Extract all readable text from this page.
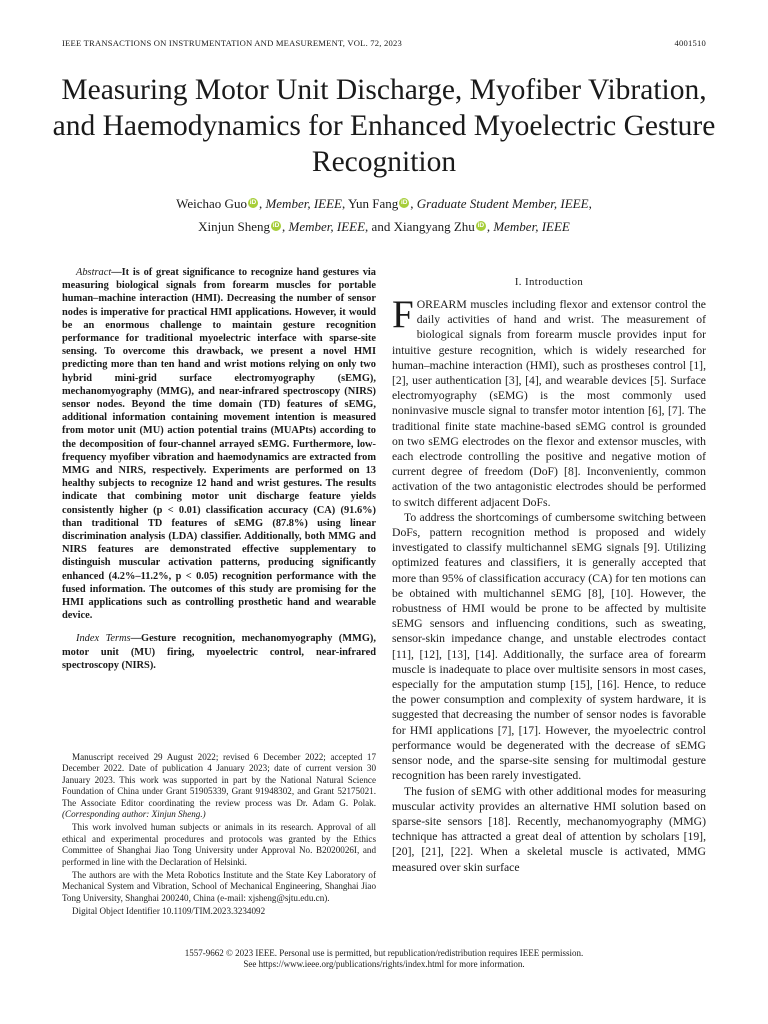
IEEE TRANSACTIONS ON INSTRUMENTATION AND MEASUREMENT, VOL. 72, 2023	4001510
Measuring Motor Unit Discharge, Myofiber Vibration, and Haemodynamics for Enhanced Myoelectric Gesture Recognition
Weichao Guo iD , Member, IEEE, Yun Fang iD , Graduate Student Member, IEEE,
Xinjun Sheng iD , Member, IEEE, and Xiangyang Zhu iD , Member, IEEE

Abstract—It is of great significance to recognize hand gestures via measuring biological signals from forearm muscles for portable human–machine interaction (HMI). Decreasing the number of sensor nodes is imperative for practical HMI applications. However, it would be an enormous challenge to maintain gesture recognition performance for traditional myoelectric interface with sparse-site sensing. To overcome this drawback, we present a novel HMI predicting more than ten hand and wrist motions relying on only two hybrid mini-grid surface electromyography (sEMG), mechanomyography (MMG), and near-infrared spectroscopy (NIRS) sensor nodes. Beyond the time domain (TD) features of sEMG, additional information containing movement intention is measured from motor unit (MU) action potential trains (MUAPts) according to the decomposition of four-channel arrayed sEMG. Furthermore, low-frequency myofiber vibration and haemodynamics are extracted from MMG and NIRS, respectively. Experiments are performed on 13 healthy subjects to recognize 12 hand and wrist gestures. The results indicate that combining motor unit discharge feature yields consistently higher (p < 0.01) classification accuracy (CA) (91.6%) than traditional TD features of sEMG (87.8%) using linear discrimination analysis (LDA) classifier. Additionally, both MMG and NIRS features are demonstrated effective supplementary to distinguish muscular activation patterns, producing significantly enhanced (4.2%–11.2%, p < 0.05) recognition performance with the fused information. The outcomes of this study are promising for the HMI applications such as controlling prosthetic hand and wearable device.

Index Terms—Gesture recognition, mechanomyography (MMG), motor unit (MU) firing, myoelectric control, near-infrared spectroscopy (NIRS).

Manuscript received 29 August 2022; revised 6 December 2022; accepted 17 December 2022. Date of publication 4 January 2023; date of current version 30 January 2023. This work was supported in part by the National Natural Science Foundation of China under Grant 51905339, Grant 91948302, and Grant 52175021. The Associate Editor coordinating the review process was Dr. Adam G. Polak. (Corresponding author: Xinjun Sheng.)

This work involved human subjects or animals in its research. Approval of all ethical and experimental procedures and protocols was granted by the Ethics Committee of Shanghai Jiao Tong University under Approval No. B2020026I, and performed in line with the Declaration of Helsinki.

The authors are with the Meta Robotics Institute and the State Key Laboratory of Mechanical System and Vibration, School of Mechanical Engineering, Shanghai Jiao Tong University, Shanghai 200240, China (e-mail: xjsheng@sjtu.edu.cn).

Digital Object Identifier 10.1109/TIM.2023.3234092

I. Introduction

FOREARM muscles including flexor and extensor control the daily activities of hand and wrist. The measurement of biological signals from forearm muscle provides input for intuitive gesture recognition, which is widely researched for human–machine interaction (HMI), such as prostheses control [1], [2], user authentication [3], [4], and wearable devices [5]. Surface electromyography (sEMG) is the most commonly used noninvasive muscle signal to transfer motor intention [6], [7]. The traditional finite state machine-based sEMG control is grounded on two sEMG electrodes on the flexor and extensor muscles, with each electrode controlling the positive and negative motion of current degree of freedom (DoF) [8]. Inconveniently, common activation of the two antagonistic electrodes should be performed to switch different adjacent DoFs.

To address the shortcomings of cumbersome switching between DoFs, pattern recognition method is proposed and widely investigated to classify multichannel sEMG signals [9]. Utilizing optimized features and classifiers, it is generally accepted that more than 95% of classification accuracy (CA) for ten motions can be obtained with multichannel sEMG [8], [10]. However, the robustness of HMI would be prone to be affected by multisite sEMG sensors and influencing conditions, such as sweating, sensor-skin impedance change, and unstable electrodes contact [11], [12], [13], [14]. Additionally, the surface area of forearm muscle is inadequate to place over multisite sensors in most cases, especially for the amputation stump [15], [16]. Hence, to reduce the power consumption and complexity of system hardware, it is suggested that decreasing the number of sensor nodes is favorable for HMI applications [7], [17]. However, the myoelectric control performance would be degenerated with the decrease of sEMG sensor node, and the sparse-site sensing for multimodal gesture recognition has been rarely investigated.

The fusion of sEMG with other additional modes for measuring muscular activity provides an alternative HMI solution based on sparse-site sensors [18]. Recently, mechanomyography (MMG) technique has attracted a great deal of attention by scholars [19], [20], [21], [22]. When a skeletal muscle is activated, MMG measured over skin surface

1557-9662 © 2023 IEEE. Personal use is permitted, but republication/redistribution requires IEEE permission.
See https://www.ieee.org/publications/rights/index.html for more information.
